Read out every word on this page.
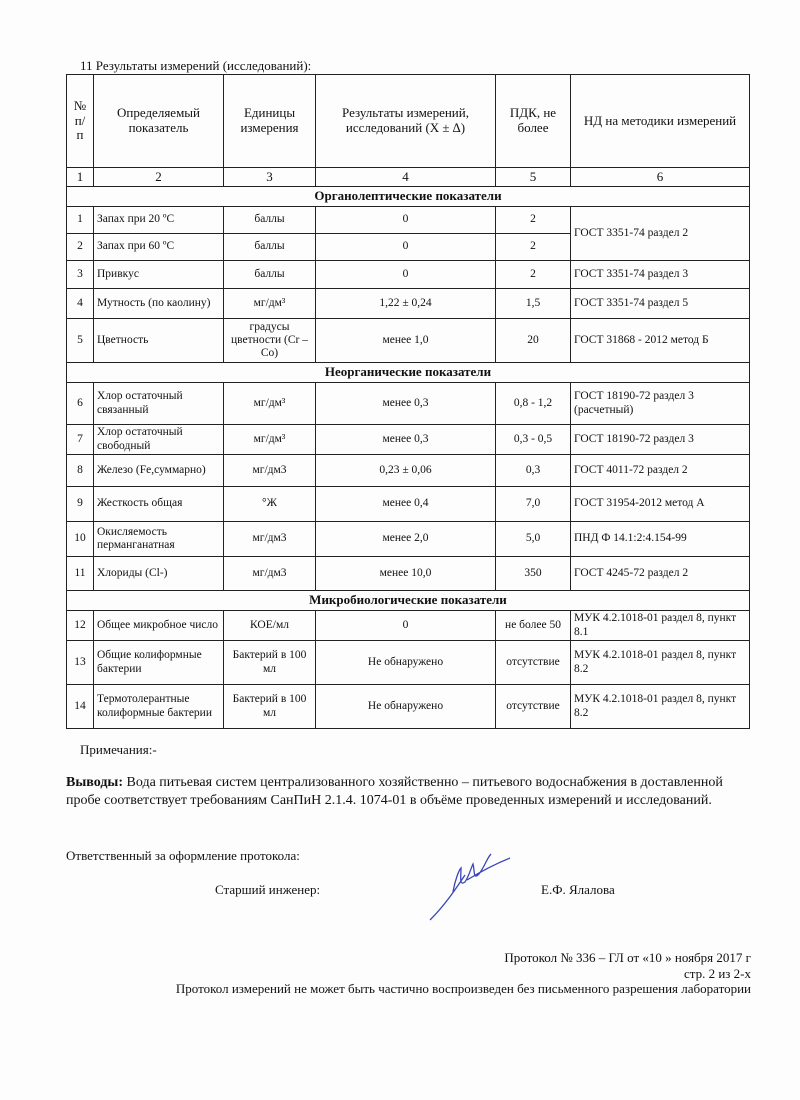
11 Результаты измерений (исследований):
№ п/ п	Определяемый показатель	Единицы измерения	Результаты измерений, исследований (Х ± ∆)	ПДК, не более	НД на методики измерений
1	2	3	4	5	6
Органолептические показатели					
1	Запах при 20 ºС	баллы	0	2	ГОСТ 3351-74 раздел 2
2	Запах при 60 ºС	баллы	0	2	
3	Привкус	баллы	0	2	ГОСТ 3351-74 раздел 3
4	Мутность (по каолину)	мг/дм³	1,22 ± 0,24	1,5	ГОСТ 3351-74 раздел 5
5	Цветность	градусы цветности (Cr – Co)	менее 1,0	20	ГОСТ 31868 - 2012 метод Б
Неорганические показатели					
6	Хлор остаточный связанный	мг/дм³	менее 0,3	0,8 - 1,2	ГОСТ 18190-72 раздел 3 (расчетный)
7	Хлор остаточный свободный	мг/дм³	менее 0,3	0,3 - 0,5	ГОСТ 18190-72 раздел 3
8	Железо (Fe,суммарно)	мг/дм3	0,23 ± 0,06	0,3	ГОСТ 4011-72 раздел 2
9	Жесткость общая	°Ж	менее 0,4	7,0	ГОСТ 31954-2012 метод А
10	Окисляемость перманганатная	мг/дм3	менее 2,0	5,0	ПНД Ф 14.1:2:4.154-99
11	Хлориды (Cl-)	мг/дм3	менее 10,0	350	ГОСТ 4245-72 раздел 2
Микробиологические показатели					
12	Общее микробное число	КОЕ/мл	0	не более 50	МУК 4.2.1018-01 раздел 8, пункт 8.1
13	Общие колиформные бактерии	Бактерий в 100 мл	Не обнаружено	отсутствие	МУК 4.2.1018-01 раздел 8, пункт 8.2
14	Термотолерантные колиформные бактерии	Бактерий в 100 мл	Не обнаружено	отсутствие	МУК 4.2.1018-01 раздел 8, пункт 8.2
Примечания:-
Выводы: Вода питьевая систем централизованного хозяйственно – питьевого водоснабжения в доставленной пробе соответствует требованиям СанПиН 2.1.4. 1074-01 в объёме проведенных измерений и исследований.
Ответственный за оформление протокола:
Старший инженер:	Е.Ф. Ялалова
Протокол № 336 – ГЛ от «10 » ноября 2017 г
стр. 2 из 2-х
Протокол измерений не может быть частично воспроизведен без письменного разрешения лаборатории
